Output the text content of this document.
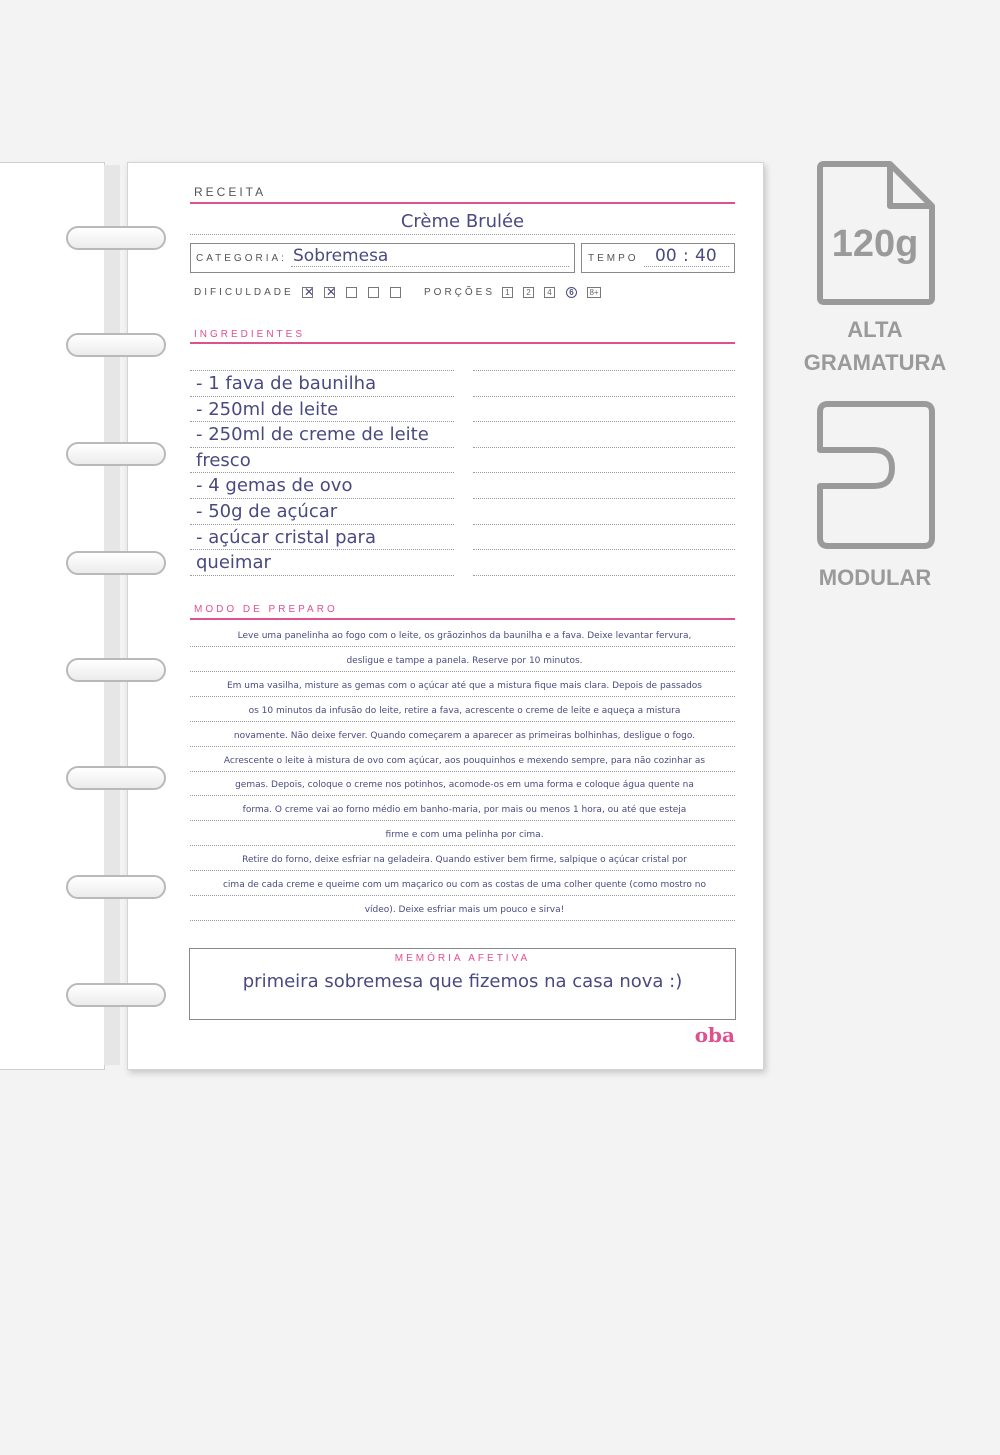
RECEITA
Crème Brulée
CATEGORIA: Sobremesa	TEMPO 00 : 40
DIFICULDADE	PORÇÕES
INGREDIENTES
MODO DE PREPARO
MEMÓRIA AFETIVA
primeira sobremesa que fizemos na casa nova :)
oba
✕ ✕	1	2	4	6	8+
- 1 fava de baunilha
- 250ml de leite
- 250ml de creme de leite
fresco
- 4 gemas de ovo
- 50g de açúcar
- açúcar cristal para
queimar
Leve uma panelinha ao fogo com o leite, os grãozinhos da baunilha e a fava. Deixe levantar fervura,
desligue e tampe a panela. Reserve por 10 minutos.
Em uma vasilha, misture as gemas com o açúcar até que a mistura fique mais clara. Depois de passados
os 10 minutos da infusão do leite, retire a fava, acrescente o creme de leite e aqueça a mistura
novamente. Não deixe ferver. Quando começarem a aparecer as primeiras bolhinhas, desligue o fogo.
Acrescente o leite à mistura de ovo com açúcar, aos pouquinhos e mexendo sempre, para não cozinhar as
gemas. Depois, coloque o creme nos potinhos, acomode-os em uma forma e coloque água quente na
forma. O creme vai ao forno médio em banho-maria, por mais ou menos 1 hora, ou até que esteja
firme e com uma pelinha por cima.
Retire do forno, deixe esfriar na geladeira. Quando estiver bem firme, salpique o açúcar cristal por
cima de cada creme e queime com um maçarico ou com as costas de uma colher quente (como mostro no
vídeo). Deixe esfriar mais um pouco e sirva!
120g
ALTA
GRAMATURA
MODULAR
